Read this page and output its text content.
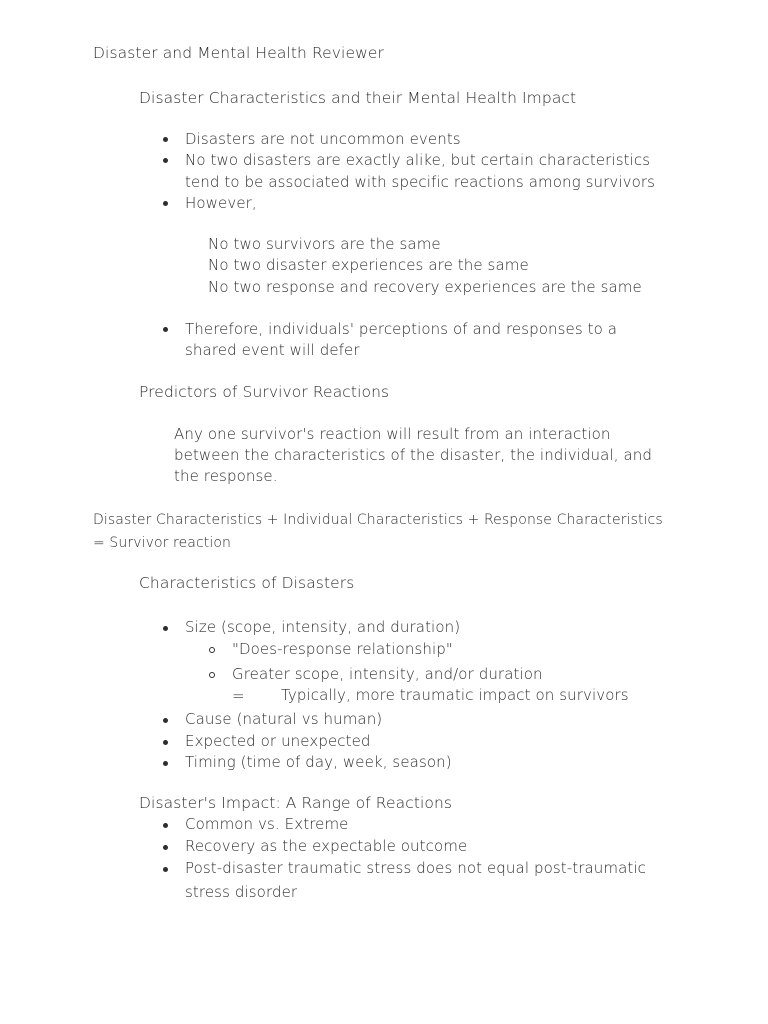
Disaster and Mental Health Reviewer
Disaster Characteristics and their Mental Health Impact
Disasters are not uncommon events
No two disasters are exactly alike, but certain characteristics
tend to be associated with specific reactions among survivors
However,
No two survivors are the same
No two disaster experiences are the same
No two response and recovery experiences are the same
Therefore, individuals' perceptions of and responses to a
shared event will defer
Predictors of Survivor Reactions
Any one survivor's reaction will result from an interaction
between the characteristics of the disaster, the individual, and
the response.
Disaster Characteristics + Individual Characteristics + Response Characteristics
= Survivor reaction
Characteristics of Disasters
Size (scope, intensity, and duration)
"Does-response relationship"
Greater scope, intensity, and/or duration
= Typically, more traumatic impact on survivors
Cause (natural vs human)
Expected or unexpected
Timing (time of day, week, season)
Disaster's Impact: A Range of Reactions
Common vs. Extreme
Recovery as the expectable outcome
Post-disaster traumatic stress does not equal post-traumatic
stress disorder
